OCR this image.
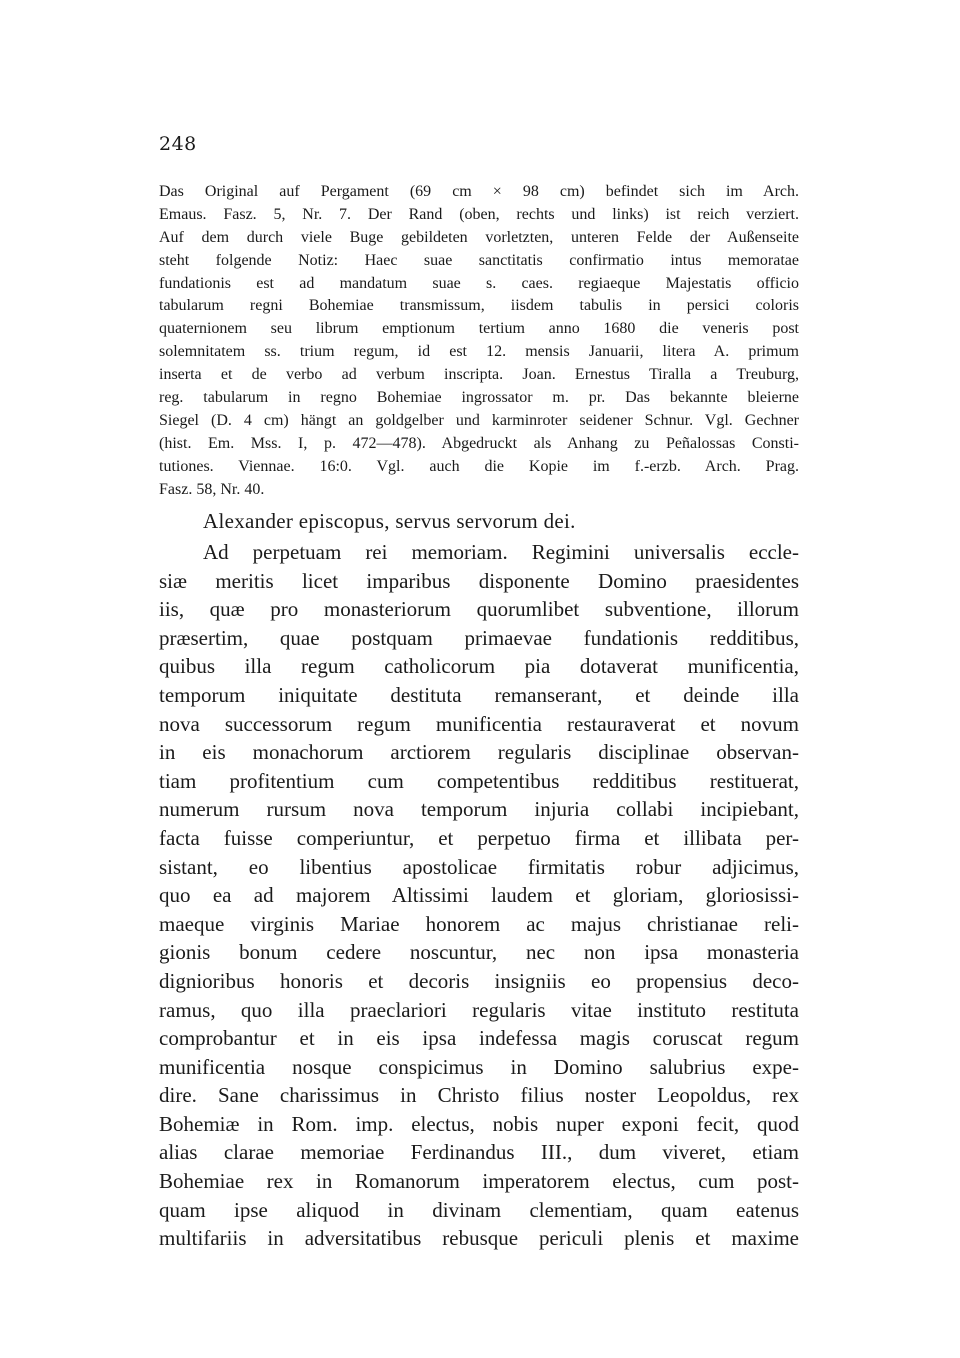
248
Das Original auf Pergament (69 cm × 98 cm) befindet sich im Arch.
Emaus. Fasz. 5, Nr. 7. Der Rand (oben, rechts und links) ist reich verziert.
Auf dem durch viele Buge gebildeten vorletzten, unteren Felde der Außenseite
steht folgende Notiz: Haec suae sanctitatis confirmatio intus memoratae
fundationis est ad mandatum suae s. caes. regiaeque Majestatis officio
tabularum regni Bohemiae transmissum, iisdem tabulis in persici coloris
quaternionem seu librum emptionum tertium anno 1680 die veneris post
solemnitatem ss. trium regum, id est 12. mensis Januarii, litera A. primum
inserta et de verbo ad verbum inscripta. Joan. Ernestus Tiralla a Treuburg,
reg. tabularum in regno Bohemiae ingrossator m. pr. Das bekannte bleierne
Siegel (D. 4 cm) hängt an goldgelber und karminroter seidener Schnur. Vgl. Gechner
(hist. Em. Mss. I, p. 472—478). Abgedruckt als Anhang zu Peñalossas Consti-
tutiones. Viennae. 16:0. Vgl. auch die Kopie im f.-erzb. Arch. Prag.
Fasz. 58, Nr. 40.
Alexander episcopus, servus servorum dei.
Ad perpetuam rei memoriam. Regimini universalis eccle-
siæ meritis licet imparibus disponente Domino praesidentes
iis, quæ pro monasteriorum quorumlibet subventione, illorum
præsertim, quae postquam primaevae fundationis redditibus,
quibus illa regum catholicorum pia dotaverat munificentia,
temporum iniquitate destituta remanserant, et deinde illa
nova successorum regum munificentia restauraverat et novum
in eis monachorum arctiorem regularis disciplinae observan-
tiam profitentium cum competentibus redditibus restituerat,
numerum rursum nova temporum injuria collabi incipiebant,
facta fuisse comperiuntur, et perpetuo firma et illibata per-
sistant, eo libentius apostolicae firmitatis robur adjicimus,
quo ea ad majorem Altissimi laudem et gloriam, gloriosissi-
maeque virginis Mariae honorem ac majus christianae reli-
gionis bonum cedere noscuntur, nec non ipsa monasteria
dignioribus honoris et decoris insigniis eo propensius deco-
ramus, quo illa praeclariori regularis vitae instituto restituta
comprobantur et in eis ipsa indefessa magis coruscat regum
munificentia nosque conspicimus in Domino salubrius expe-
dire. Sane charissimus in Christo filius noster Leopoldus, rex
Bohemiæ in Rom. imp. electus, nobis nuper exponi fecit, quod
alias clarae memoriae Ferdinandus III., dum viveret, etiam
Bohemiae rex in Romanorum imperatorem electus, cum post-
quam ipse aliquod in divinam clementiam, quam eatenus
multifariis in adversitatibus rebusque periculi plenis et maxime
